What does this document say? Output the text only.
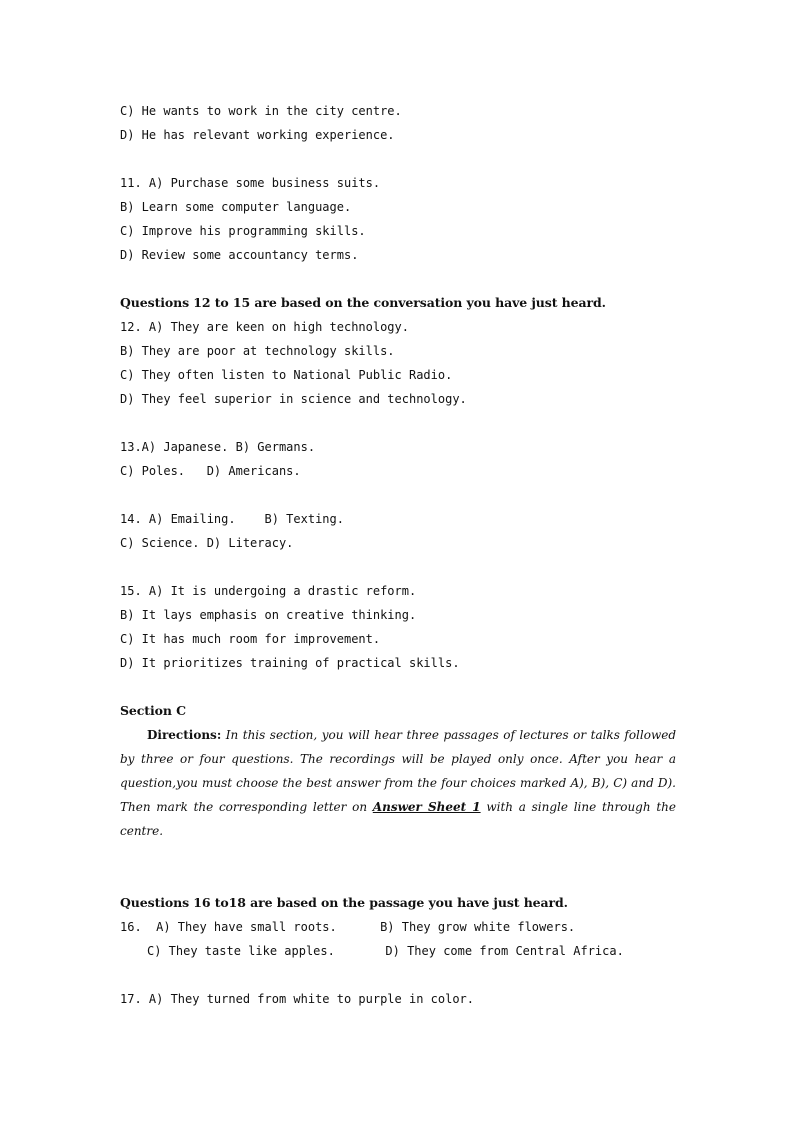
C) He wants to work in the city centre.
D) He has relevant working experience.
11. A) Purchase some business suits.
B) Learn some computer language.
C) Improve his programming skills.
D) Review some accountancy terms.
Questions 12 to 15 are based on the conversation you have just heard.
12. A) They are keen on high technology.
B) They are poor at technology skills.
C) They often listen to National Public Radio.
D) They feel superior in science and technology.
13.A) Japanese. B) Germans.
C) Poles.   D) Americans.
14. A) Emailing.    B) Texting.
C) Science. D) Literacy.
15. A) It is undergoing a drastic reform.
B) It lays emphasis on creative thinking.
C) It has much room for improvement.
D) It prioritizes training of practical skills.
Section C
Directions: In this section, you will hear three passages of lectures or talks followed by three or four questions. The recordings will be played only once. After you hear a question,you must choose the best answer from the four choices marked A), B), C) and D). Then mark the corresponding letter on Answer Sheet 1 with a single line through the centre.
Questions 16 to18 are based on the passage you have just heard.
16.  A) They have small roots.      B) They grow white flowers.
C) They taste like apples.       D) They come from Central Africa.
17. A) They turned from white to purple in color.
